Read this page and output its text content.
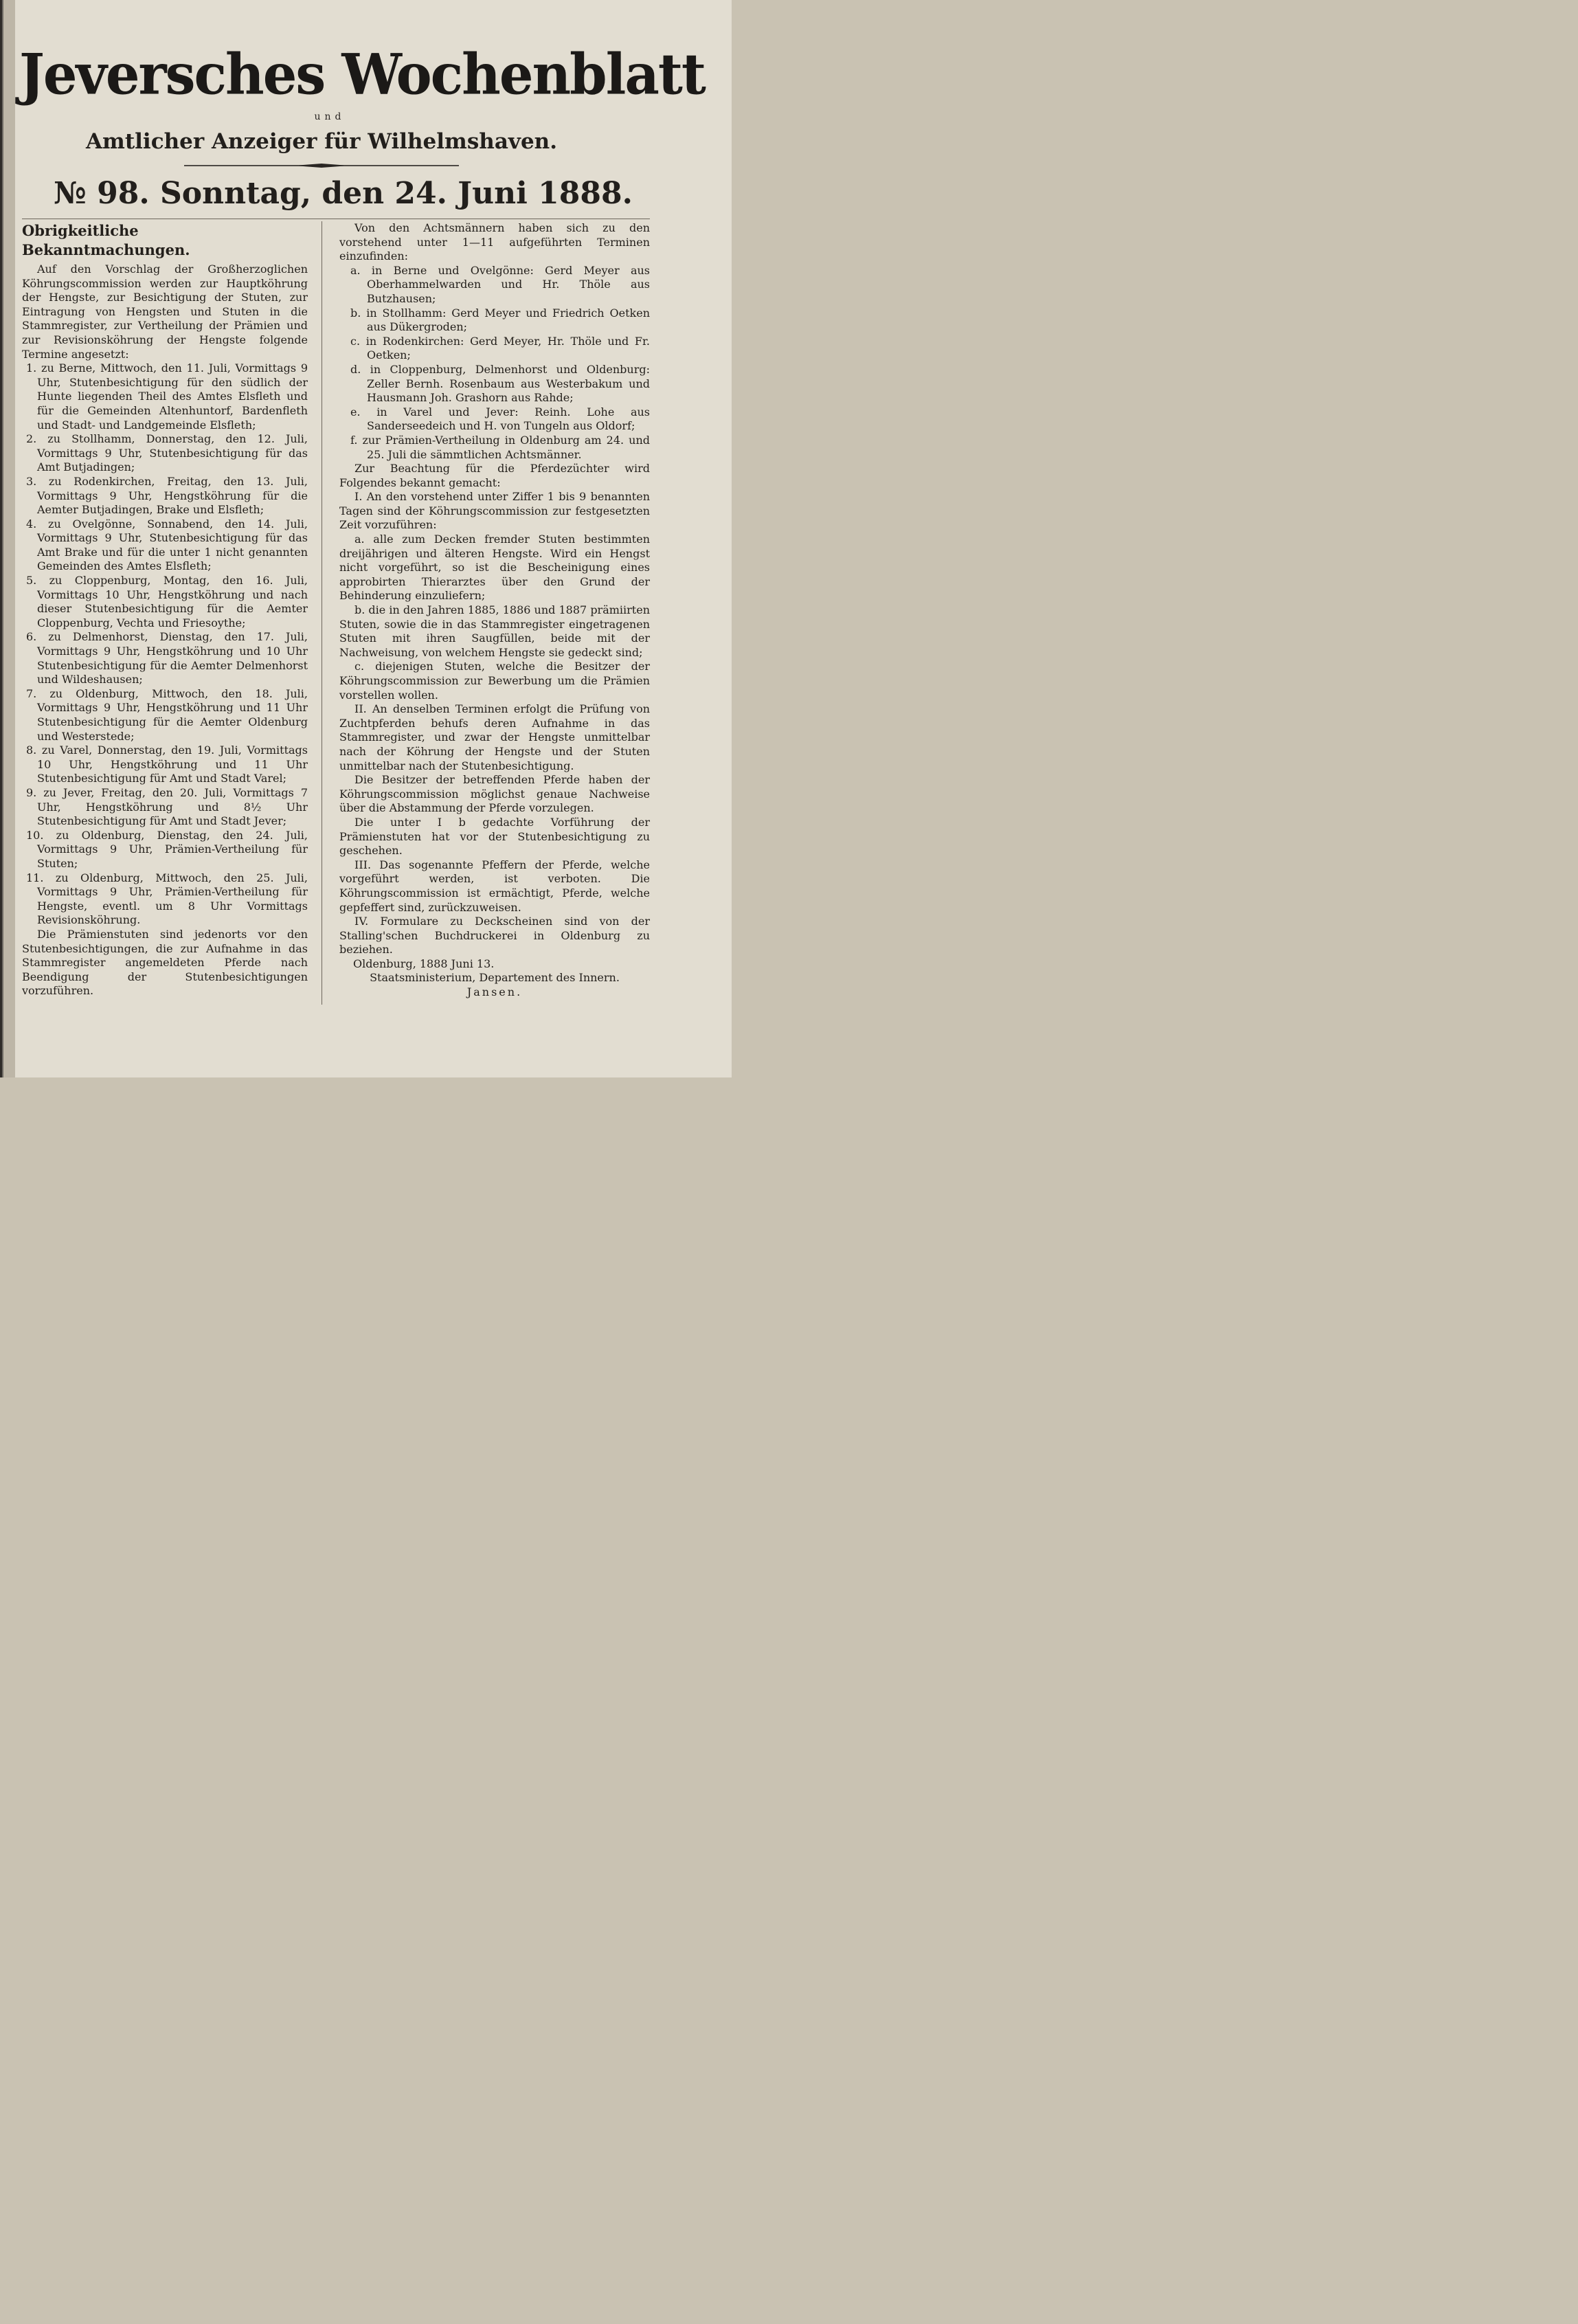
Jeversches Wochenblatt
und
Amtlicher Anzeiger für Wilhelmshaven.
№ 98. Sonntag, den 24. Juni 1888.
Obrigkeitliche Bekanntmachungen.

Auf den Vorschlag der Großherzoglichen Köhrungscommission werden zur Hauptköhrung der Hengste, zur Besichtigung der Stuten, zur Eintragung von Hengsten und Stuten in die Stammregister, zur Vertheilung der Prämien und zur Revisionsköhrung der Hengste folgende Termine angesetzt:

1. zu Berne, Mittwoch, den 11. Juli, Vormittags 9 Uhr, Stutenbesichtigung für den südlich der Hunte liegenden Theil des Amtes Elsfleth und für die Gemeinden Altenhuntorf, Bardenfleth und Stadt- und Landgemeinde Elsfleth;

2. zu Stollhamm, Donnerstag, den 12. Juli, Vormittags 9 Uhr, Stutenbesichtigung für das Amt Butjadingen;

3. zu Rodenkirchen, Freitag, den 13. Juli, Vormittags 9 Uhr, Hengstköhrung für die Aemter Butjadingen, Brake und Elsfleth;

4. zu Ovelgönne, Sonnabend, den 14. Juli, Vormittags 9 Uhr, Stutenbesichtigung für das Amt Brake und für die unter 1 nicht genannten Gemeinden des Amtes Elsfleth;

5. zu Cloppenburg, Montag, den 16. Juli, Vormittags 10 Uhr, Hengstköhrung und nach dieser Stutenbesichtigung für die Aemter Cloppenburg, Vechta und Friesoythe;

6. zu Delmenhorst, Dienstag, den 17. Juli, Vormittags 9 Uhr, Hengstköhrung und 10 Uhr Stutenbesichtigung für die Aemter Delmenhorst und Wildeshausen;

7. zu Oldenburg, Mittwoch, den 18. Juli, Vormittags 9 Uhr, Hengstköhrung und 11 Uhr Stutenbesichtigung für die Aemter Oldenburg und Westerstede;

8. zu Varel, Donnerstag, den 19. Juli, Vormittags 10 Uhr, Hengstköhrung und 11 Uhr Stutenbesichtigung für Amt und Stadt Varel;

9. zu Jever, Freitag, den 20. Juli, Vormittags 7 Uhr, Hengstköhrung und 8½ Uhr Stutenbesichtigung für Amt und Stadt Jever;

10. zu Oldenburg, Dienstag, den 24. Juli, Vormittags 9 Uhr, Prämien-Vertheilung für Stuten;

11. zu Oldenburg, Mittwoch, den 25. Juli, Vormittags 9 Uhr, Prämien-Vertheilung für Hengste, eventl. um 8 Uhr Vormittags Revisionsköhrung.

Die Prämienstuten sind jedenorts vor den Stutenbesichtigungen, die zur Aufnahme in das Stammregister angemeldeten Pferde nach Beendigung der Stutenbesichtigungen vorzuführen.

Von den Achtsmännern haben sich zu den vorstehend unter 1—11 aufgeführten Terminen einzufinden:

a. in Berne und Ovelgönne: Gerd Meyer aus Oberhammelwarden und Hr. Thöle aus Butzhausen;

b. in Stollhamm: Gerd Meyer und Friedrich Oetken aus Dükergroden;

c. in Rodenkirchen: Gerd Meyer, Hr. Thöle und Fr. Oetken;

d. in Cloppenburg, Delmenhorst und Oldenburg: Zeller Bernh. Rosenbaum aus Westerbakum und Hausmann Joh. Grashorn aus Rahde;

e. in Varel und Jever: Reinh. Lohe aus Sanderseedeich und H. von Tungeln aus Oldorf;

f. zur Prämien-Vertheilung in Oldenburg am 24. und 25. Juli die sämmtlichen Achtsmänner.

Zur Beachtung für die Pferdezüchter wird Folgendes bekannt gemacht:

I. An den vorstehend unter Ziffer 1 bis 9 benannten Tagen sind der Köhrungscommission zur festgesetzten Zeit vorzuführen:

a. alle zum Decken fremder Stuten bestimmten dreijährigen und älteren Hengste. Wird ein Hengst nicht vorgeführt, so ist die Bescheinigung eines approbirten Thierarztes über den Grund der Behinderung einzuliefern;

b. die in den Jahren 1885, 1886 und 1887 prämiirten Stuten, sowie die in das Stammregister eingetragenen Stuten mit ihren Saugfüllen, beide mit der Nachweisung, von welchem Hengste sie gedeckt sind;

c. diejenigen Stuten, welche die Besitzer der Köhrungscommission zur Bewerbung um die Prämien vorstellen wollen.

II. An denselben Terminen erfolgt die Prüfung von Zuchtpferden behufs deren Aufnahme in das Stammregister, und zwar der Hengste unmittelbar nach der Köhrung der Hengste und der Stuten unmittelbar nach der Stutenbesichtigung.

Die Besitzer der betreffenden Pferde haben der Köhrungscommission möglichst genaue Nachweise über die Abstammung der Pferde vorzulegen.

Die unter I b gedachte Vorführung der Prämienstuten hat vor der Stutenbesichtigung zu geschehen.

III. Das sogenannte Pfeffern der Pferde, welche vorgeführt werden, ist verboten. Die Köhrungscommission ist ermächtigt, Pferde, welche gepfeffert sind, zurückzuweisen.

IV. Formulare zu Deckscheinen sind von der Stalling'schen Buchdruckerei in Oldenburg zu beziehen.

Oldenburg, 1888 Juni 13.

Staatsministerium, Departement des Innern.

Jansen.
